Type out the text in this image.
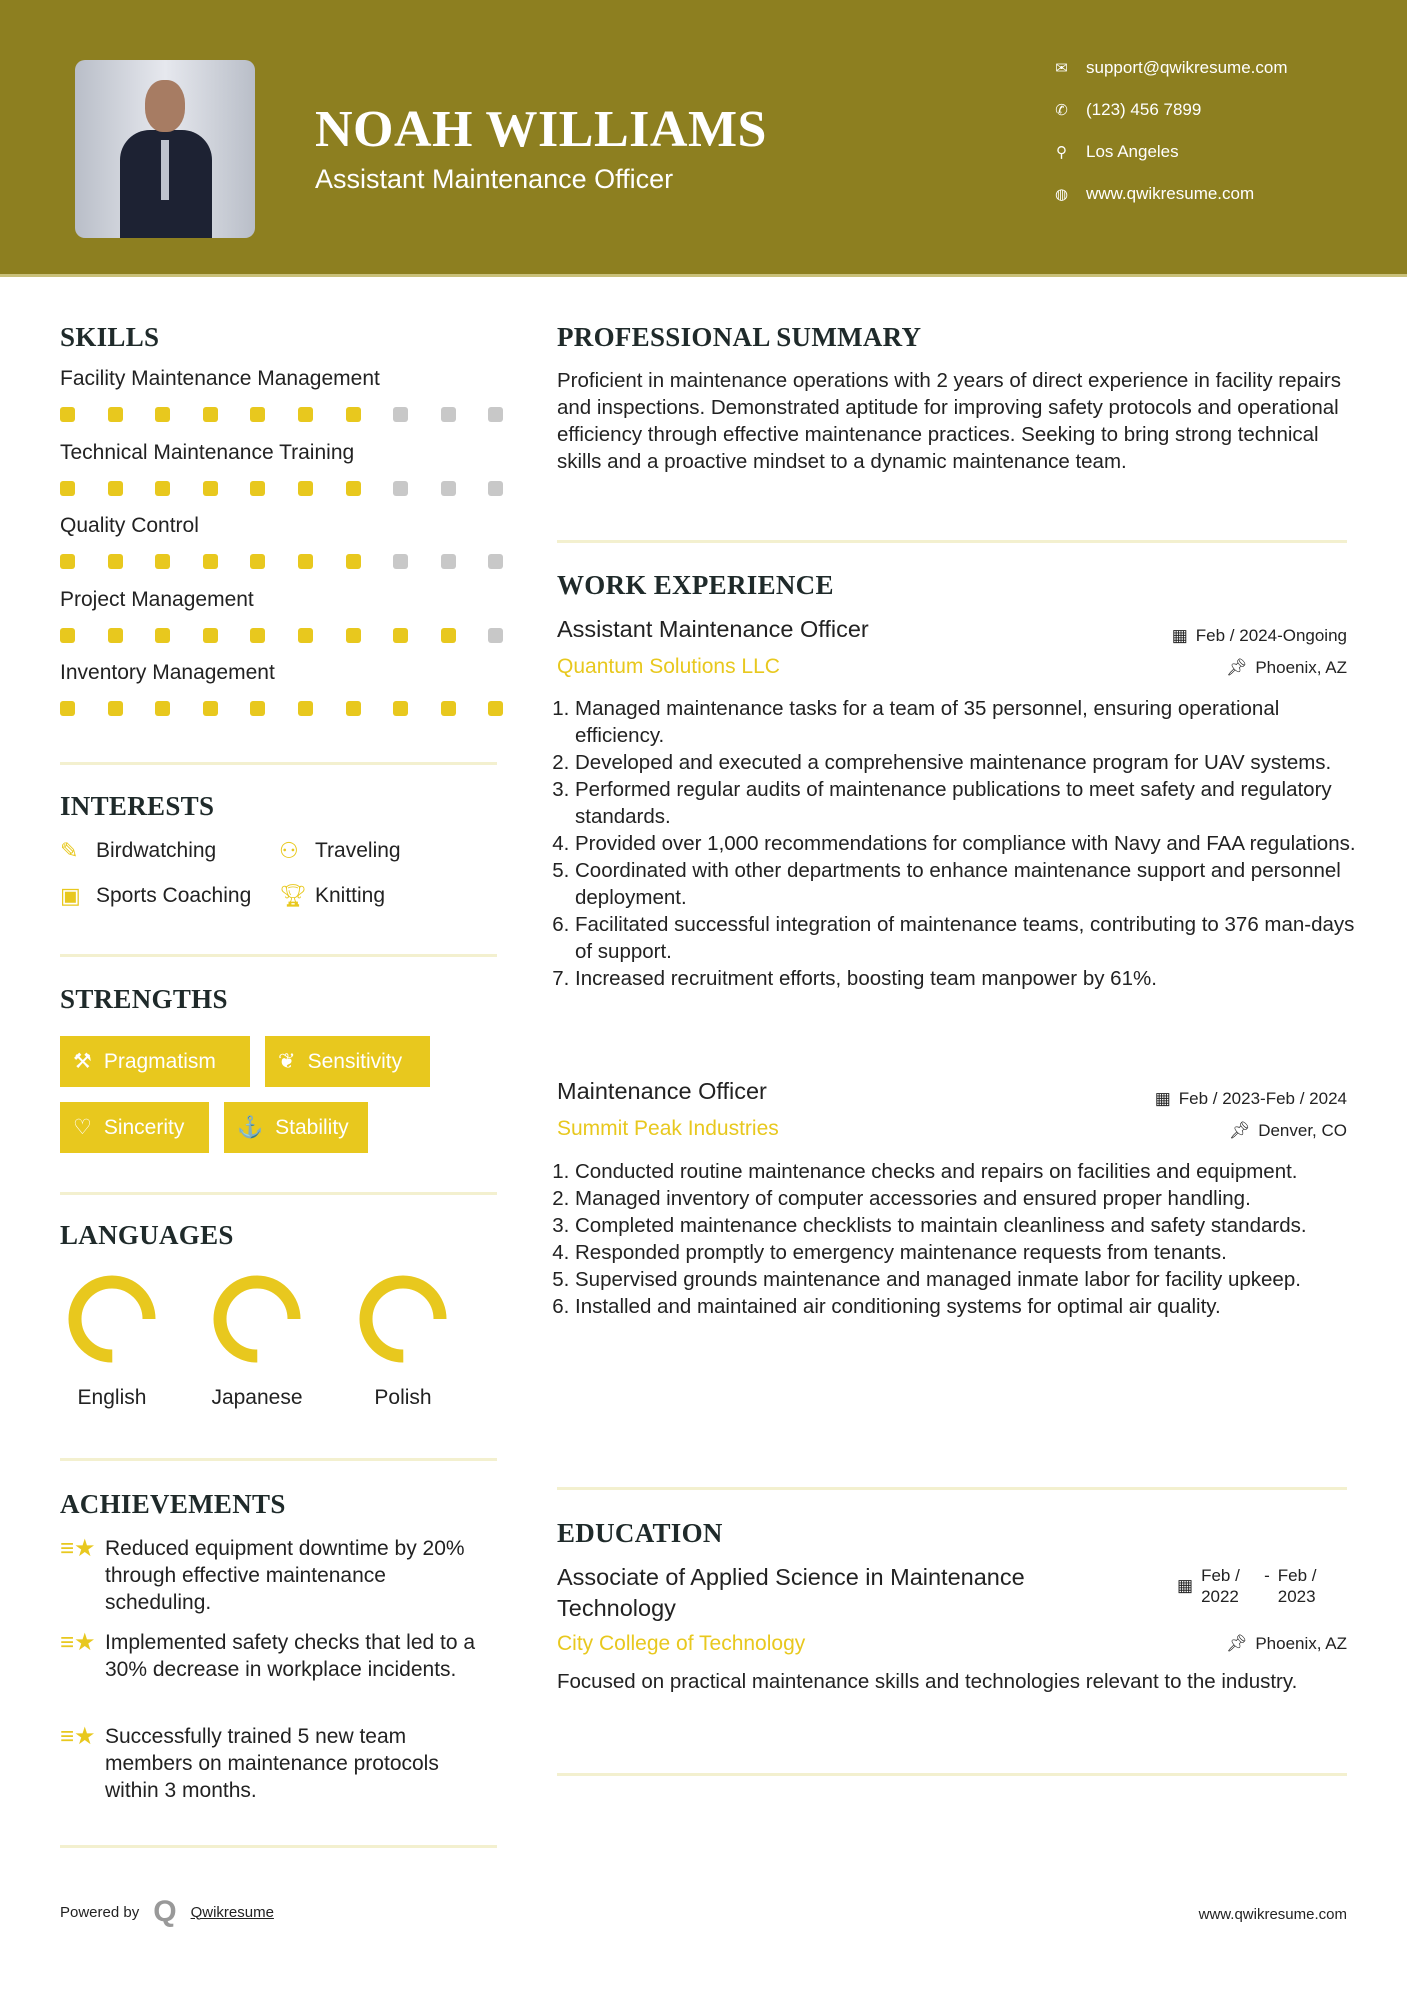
NOAH WILLIAMS
Assistant Maintenance Officer
✉ support@qwikresume.com
✆ (123) 456 7899
⚲ Los Angeles
◍ www.qwikresume.com
SKILLS
Facility Maintenance Management
Technical Maintenance Training
Quality Control
Project Management
Inventory Management
INTERESTS
✎ Birdwatching	⚇ Traveling
▣ Sports Coaching 🏆︎ Knitting
STRENGTHS
⚒ Pragmatism	❦ Sensitivity
♡ Sincerity	⚓ Stability
LANGUAGES
English	Japanese	Polish
ACHIEVEMENTS
≡★ Reduced equipment downtime by 20% through effective maintenance scheduling.
≡★ Implemented safety checks that led to a 30% decrease in workplace incidents.
≡★ Successfully trained 5 new team members on maintenance protocols within 3 months.
PROFESSIONAL SUMMARY
Proficient in maintenance operations with 2 years of direct experience in facility repairs and inspections. Demonstrated aptitude for improving safety protocols and operational efficiency through effective maintenance practices. Seeking to bring strong technical skills and a proactive mindset to a dynamic maintenance team.
WORK EXPERIENCE
Assistant Maintenance Officer	▦ Feb / 2024-Ongoing
Quantum Solutions LLC	📌︎ Phoenix, AZ
1. Managed maintenance tasks for a team of 35 personnel, ensuring operational efficiency.
2. Developed and executed a comprehensive maintenance program for UAV systems.
3. Performed regular audits of maintenance publications to meet safety and regulatory standards.
4. Provided over 1,000 recommendations for compliance with Navy and FAA regulations.
5. Coordinated with other departments to enhance maintenance support and personnel deployment.
6. Facilitated successful integration of maintenance teams, contributing to 376 man-days of support.
7. Increased recruitment efforts, boosting team manpower by 61%.
Maintenance Officer	▦ Feb / 2023-Feb / 2024
Summit Peak Industries	📌︎ Denver, CO
1. Conducted routine maintenance checks and repairs on facilities and equipment.
2. Managed inventory of computer accessories and ensured proper handling.
3. Completed maintenance checklists to maintain cleanliness and safety standards.
4. Responded promptly to emergency maintenance requests from tenants.
5. Supervised grounds maintenance and managed inmate labor for facility upkeep.
6. Installed and maintained air conditioning systems for optimal air quality.
EDUCATION
Associate of Applied Science in Maintenance Technology
▦
Feb / 2022
- Feb / 2023
City College of Technology	📌︎ Phoenix, AZ
Focused on practical maintenance skills and technologies relevant to the industry.
Powered by Q Qwikresume	www.qwikresume.com
